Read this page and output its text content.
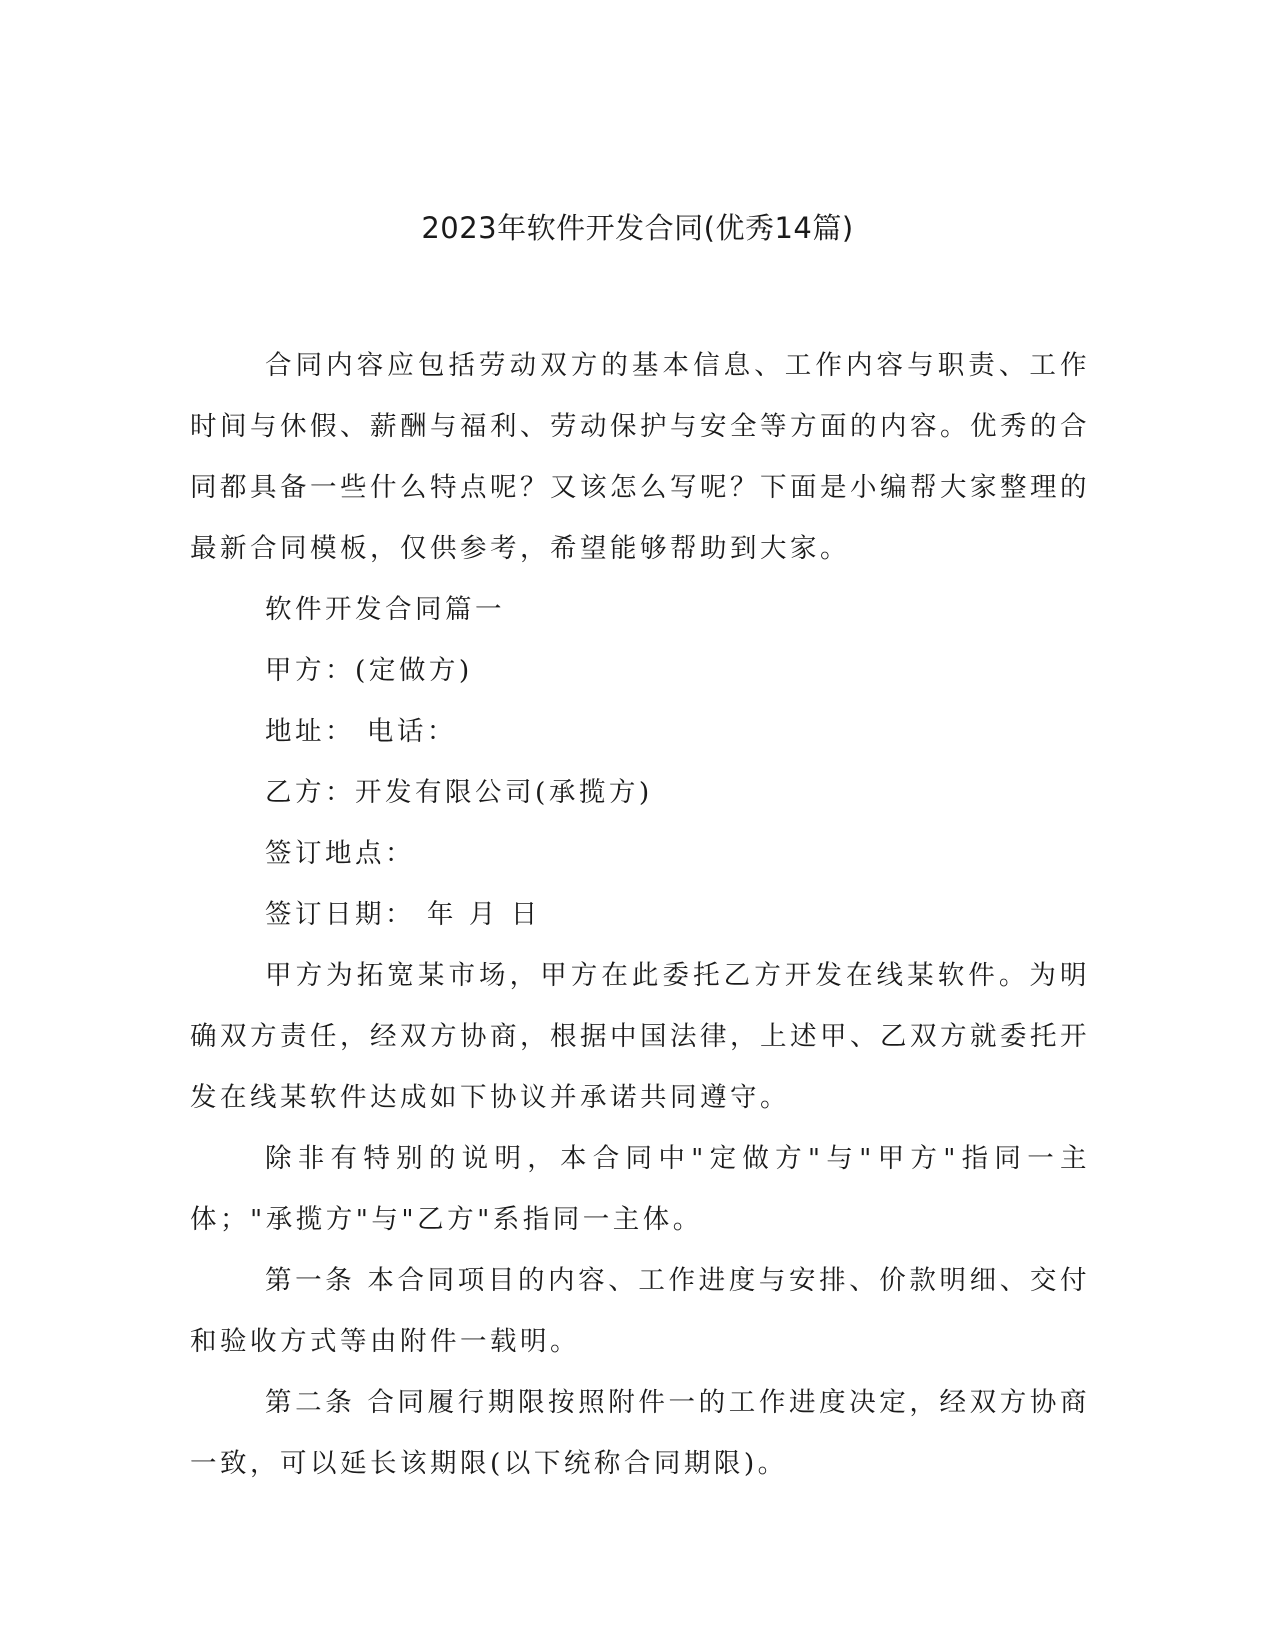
2023年软件开发合同(优秀14篇)

合同内容应包括劳动双方的基本信息、工作内容与职责、工作时间与休假、薪酬与福利、劳动保护与安全等方面的内容。优秀的合同都具备一些什么特点呢？又该怎么写呢？下面是小编帮大家整理的最新合同模板，仅供参考，希望能够帮助到大家。

软件开发合同篇一

甲方：(定做方)

地址： 电话：

乙方：开发有限公司(承揽方)

签订地点：

签订日期： 年 月 日

甲方为拓宽某市场，甲方在此委托乙方开发在线某软件。为明确双方责任，经双方协商，根据中国法律，上述甲、乙双方就委托开发在线某软件达成如下协议并承诺共同遵守。

除非有特别的说明，本合同中"定做方"与"甲方"指同一主体；"承揽方"与"乙方"系指同一主体。

第一条 本合同项目的内容、工作进度与安排、价款明细、交付和验收方式等由附件一载明。

第二条 合同履行期限按照附件一的工作进度决定，经双方协商一致，可以延长该期限(以下统称合同期限)。
